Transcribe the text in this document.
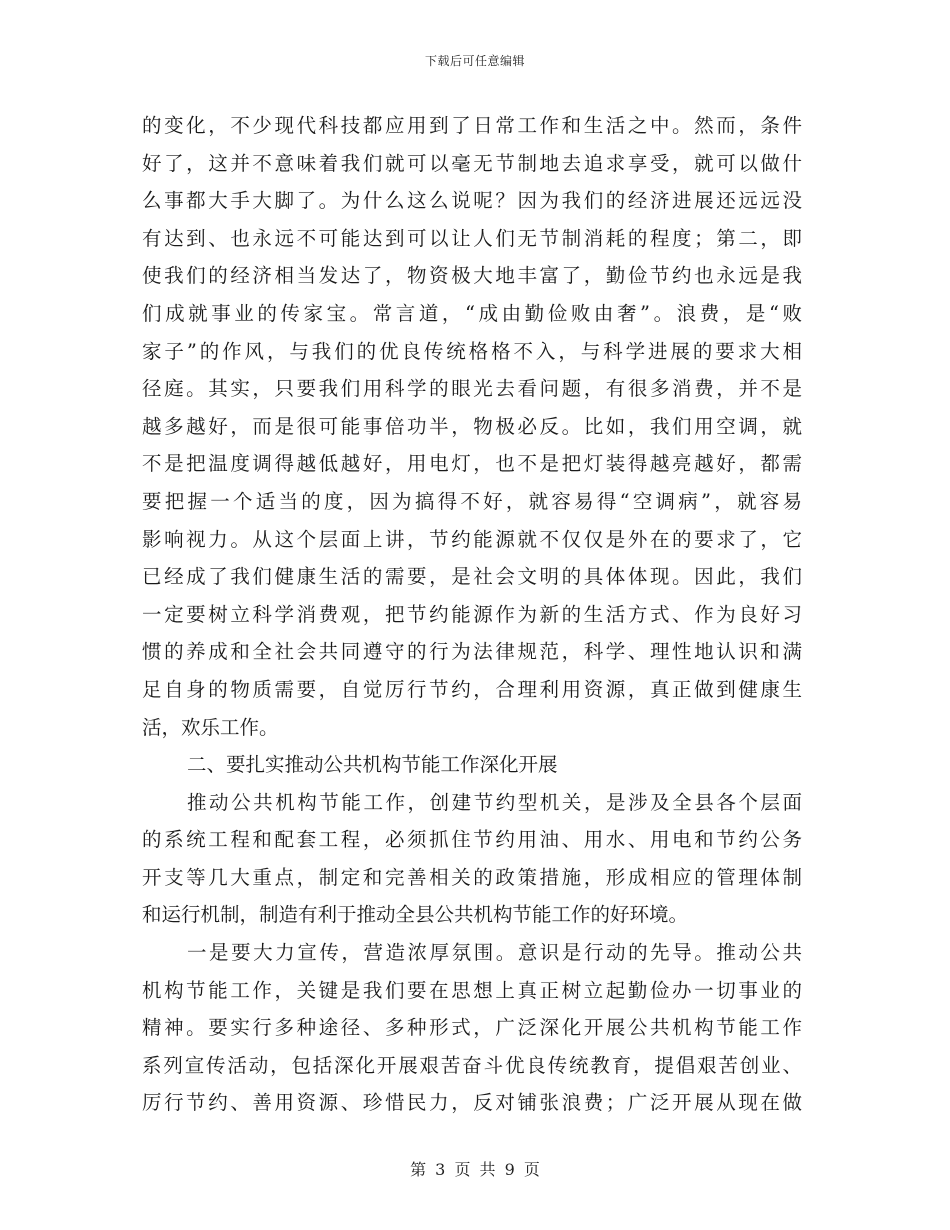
下载后可任意编辑
的变化，不少现代科技都应用到了日常工作和生活之中。然而，条件
好了，这并不意味着我们就可以毫无节制地去追求享受，就可以做什
么事都大手大脚了。为什么这么说呢？因为我们的经济进展还远远没
有达到、也永远不可能达到可以让人们无节制消耗的程度；第二，即
使我们的经济相当发达了，物资极大地丰富了，勤俭节约也永远是我
们成就事业的传家宝。常言道，“成由勤俭败由奢”。浪费，是“败
家子”的作风，与我们的优良传统格格不入，与科学进展的要求大相
径庭。其实，只要我们用科学的眼光去看问题，有很多消费，并不是
越多越好，而是很可能事倍功半，物极必反。比如，我们用空调，就
不是把温度调得越低越好，用电灯，也不是把灯装得越亮越好，都需
要把握一个适当的度，因为搞得不好，就容易得“空调病”，就容易
影响视力。从这个层面上讲，节约能源就不仅仅是外在的要求了，它
已经成了我们健康生活的需要，是社会文明的具体体现。因此，我们
一定要树立科学消费观，把节约能源作为新的生活方式、作为良好习
惯的养成和全社会共同遵守的行为法律规范，科学、理性地认识和满
足自身的物质需要，自觉厉行节约，合理利用资源，真正做到健康生
活，欢乐工作。
二、要扎实推动公共机构节能工作深化开展
推动公共机构节能工作，创建节约型机关，是涉及全县各个层面
的系统工程和配套工程，必须抓住节约用油、用水、用电和节约公务
开支等几大重点，制定和完善相关的政策措施，形成相应的管理体制
和运行机制，制造有利于推动全县公共机构节能工作的好环境。
一是要大力宣传，营造浓厚氛围。意识是行动的先导。推动公共
机构节能工作，关键是我们要在思想上真正树立起勤俭办一切事业的
精神。要实行多种途径、多种形式，广泛深化开展公共机构节能工作
系列宣传活动，包括深化开展艰苦奋斗优良传统教育，提倡艰苦创业、
厉行节约、善用资源、珍惜民力，反对铺张浪费；广泛开展从现在做
第 3 页 共 9 页
